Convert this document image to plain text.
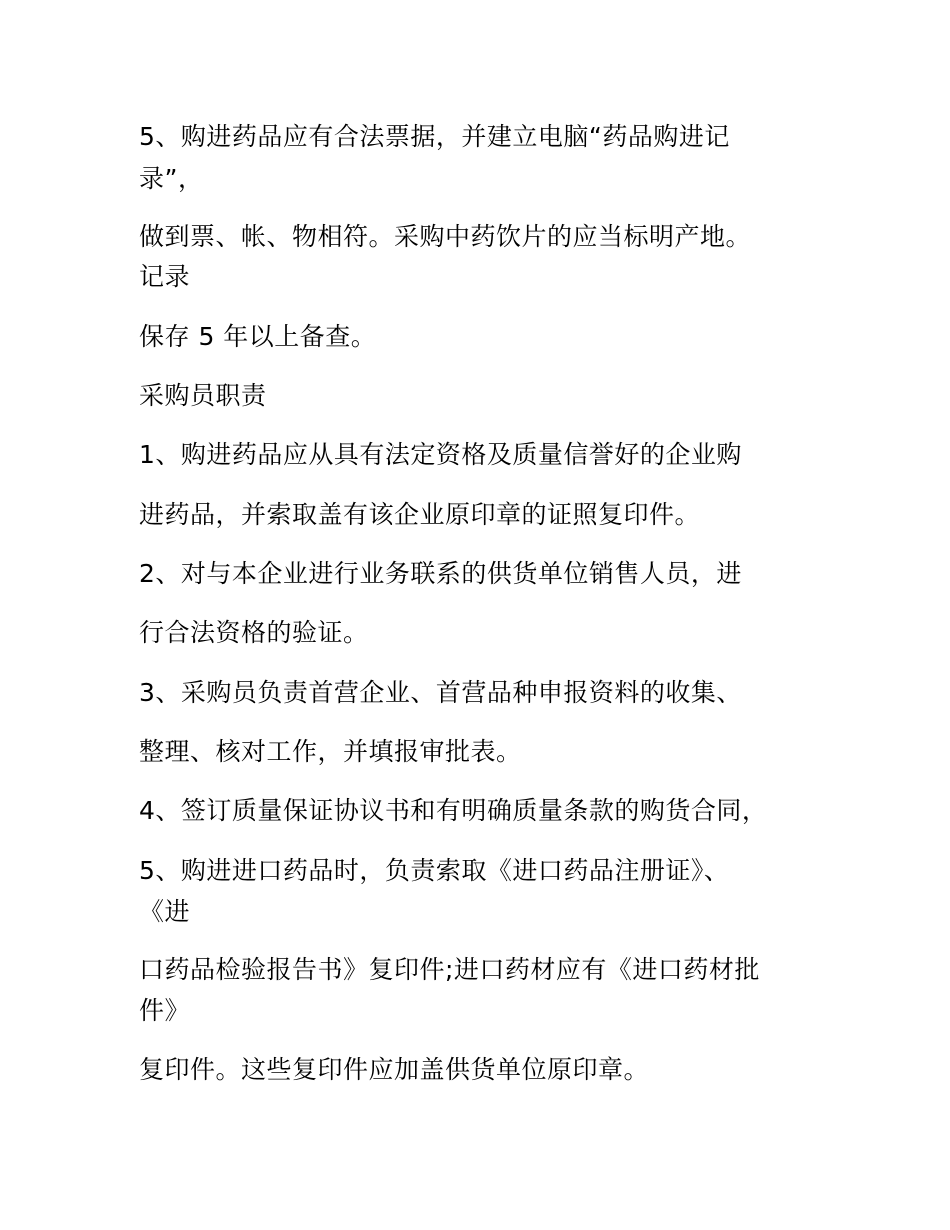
5、购进药品应有合法票据，并建立电脑“药品购进记
录”，
做到票、帐、物相符。采购中药饮片的应当标明产地。
记录
保存 5 年以上备查。
采购员职责
1、购进药品应从具有法定资格及质量信誉好的企业购
进药品，并索取盖有该企业原印章的证照复印件。
2、对与本企业进行业务联系的供货单位销售人员，进
行合法资格的验证。
3、采购员负责首营企业、首营品种申报资料的收集、
整理、核对工作，并填报审批表。
4、签订质量保证协议书和有明确质量条款的购货合同，
5、购进进口药品时，负责索取《进口药品注册证》、
《进
口药品检验报告书》复印件;进口药材应有《进口药材批
件》
复印件。这些复印件应加盖供货单位原印章。
